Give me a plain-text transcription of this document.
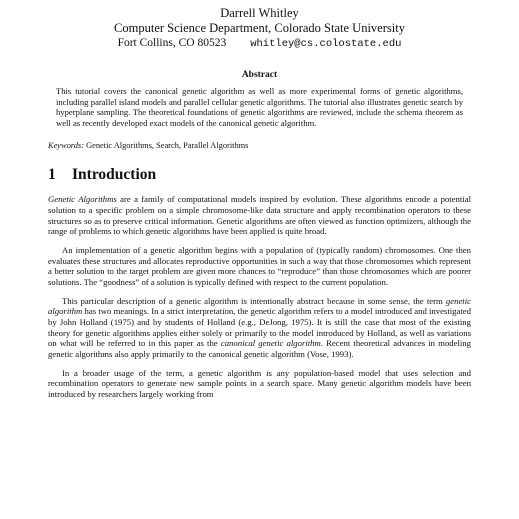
Darrell Whitley
Computer Science Department, Colorado State University
Fort Collins, CO 80523 whitley@cs.colostate.edu
Abstract

This tutorial covers the canonical genetic algorithm as well as more experimental forms of genetic algorithms, including parallel island models and parallel cellular genetic algorithms. The tutorial also illustrates genetic search by hyperplane sampling. The theoretical foundations of genetic algorithms are reviewed, include the schema theorem as well as recently developed exact models of the canonical genetic algorithm.

Keywords: Genetic Algorithms, Search, Parallel Algorithms

1	Introduction

Genetic Algorithms are a family of computational models inspired by evolution. These algorithms encode a potential solution to a specific problem on a simple chromosome-like data structure and apply recombination operators to these structures so as to preserve critical information. Genetic algorithms are often viewed as function optimizers, although the range of problems to which genetic algorithms have been applied is quite broad.

An implementation of a genetic algorithm begins with a population of (typically random) chromosomes. One then evaluates these structures and allocates reproductive opportunities in such a way that those chromosomes which represent a better solution to the target problem are given more chances to “reproduce” than those chromosomes which are poorer solutions. The “goodness” of a solution is typically defined with respect to the current population.

This particular description of a genetic algorithm is intentionally abstract because in some sense, the term genetic algorithm has two meanings. In a strict interpretation, the genetic algorithm refers to a model introduced and investigated by John Holland (1975) and by students of Holland (e.g., DeJong, 1975). It is still the case that most of the existing theory for genetic algorithms applies either solely or primarily to the model introduced by Holland, as well as variations on what will be referred to in this paper as the canonical genetic algorithm. Recent theoretical advances in modeling genetic algorithms also apply primarily to the canonical genetic algorithm (Vose, 1993).

In a broader usage of the term, a genetic algorithm is any population-based model that uses selection and recombination operators to generate new sample points in a search space. Many genetic algorithm models have been introduced by researchers largely working from
